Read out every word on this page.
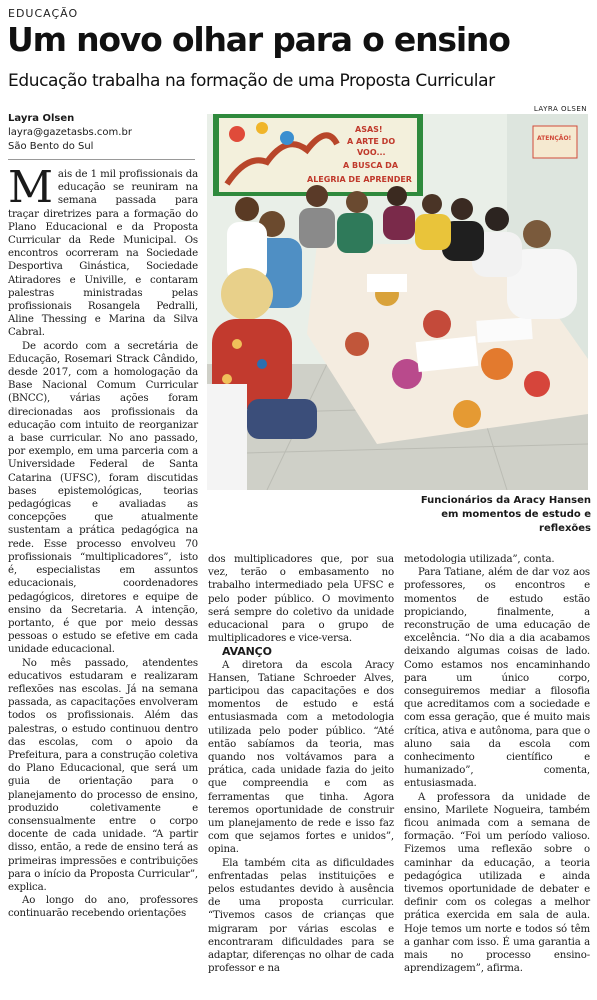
EDUCAÇÃO
Um novo olhar para o ensino
Educação trabalha na formação de uma Proposta Curricular
Layra Olsen
layra@gazetasbs.com.br
São Bento do Sul
LAYRA OLSEN
ASAS!
A ARTE DO
VOO...
A BUSCA DA
ALEGRIA DE APRENDER
ATENÇÃO!
Funcionários da Aracy Hansen em momentos de estudo e reflexões

Mais de 1 mil profissionais da educação se reuniram na semana passada para traçar diretrizes para a formação do Plano Educacional e da Proposta Curricular da Rede Municipal. Os encontros ocorreram na Sociedade Desportiva Ginástica, Sociedade Atiradores e Univille, e contaram palestras ministradas pelas profissionais Rosangela Pedralli, Aline Thessing e Marina da Silva Cabral.

De acordo com a secretária de Educação, Rosemari Strack Cândido, desde 2017, com a homologação da Base Nacional Comum Curricular (BNCC), várias ações foram direcionadas aos profissionais da educação com intuito de reorganizar a base curricular. No ano passado, por exemplo, em uma parceria com a Universidade Federal de Santa Catarina (UFSC), foram discutidas bases epistemológicas, teorias pedagógicas e avaliadas as concepções que atualmente sustentam a prática pedagógica na rede. Esse processo envolveu 70 profissionais “multiplicadores”, isto é, especialistas em assuntos educacionais, coordenadores pedagógicos, diretores e equipe de ensino da Secretaria. A intenção, portanto, é que por meio dessas pessoas o estudo se efetive em cada unidade educacional.

No mês passado, atendentes educativos estudaram e realizaram reflexões nas escolas. Já na semana passada, as capacitações envolveram todos os profissionais. Além das palestras, o estudo continuou dentro das escolas, com o apoio da Prefeitura, para a construção coletiva do Plano Educacional, que será um guia de orientação para o planejamento do processo de ensino, produzido coletivamente e consensualmente entre o corpo docente de cada unidade. “A partir disso, então, a rede de ensino terá as primeiras impressões e contribuições para o início da Proposta Curricular”, explica.

Ao longo do ano, professores continuarão recebendo orientações

dos multiplicadores que, por sua vez, terão o embasamento no trabalho intermediado pela UFSC e pelo poder público. O movimento será sempre do coletivo da unidade educacional para o grupo de multiplicadores e vice-versa.

AVANÇO

A diretora da escola Aracy Hansen, Tatiane Schroeder Alves, participou das capacitações e dos momentos de estudo e está entusiasmada com a metodologia utilizada pelo poder público. “Até então sabíamos da teoria, mas quando nos voltávamos para a prática, cada unidade fazia do jeito que compreendia e com as ferramentas que tinha. Agora teremos oportunidade de construir um planejamento de rede e isso faz com que sejamos fortes e unidos”, opina.

Ela também cita as dificuldades enfrentadas pelas instituições e pelos estudantes devido à ausência de uma proposta curricular. “Tivemos casos de crianças que migraram por várias escolas e encontraram dificuldades para se adaptar, diferenças no olhar de cada professor e na

metodologia utilizada”, conta.

Para Tatiane, além de dar voz aos professores, os encontros e momentos de estudo estão propiciando, finalmente, a reconstrução de uma educação de excelência. “No dia a dia acabamos deixando algumas coisas de lado. Como estamos nos encaminhando para um único corpo, conseguiremos mediar a filosofia que acreditamos com a sociedade e com essa geração, que é muito mais crítica, ativa e autônoma, para que o aluno saia da escola com conhecimento científico e humanizado”, comenta, entusiasmada.

A professora da unidade de ensino, Marilete Nogueira, também ficou animada com a semana de formação. “Foi um período valioso. Fizemos uma reflexão sobre o caminhar da educação, a teoria pedagógica utilizada e ainda tivemos oportunidade de debater e definir com os colegas a melhor prática exercida em sala de aula. Hoje temos um norte e todos só têm a ganhar com isso. É uma garantia a mais no processo ensino-aprendizagem”, afirma.
